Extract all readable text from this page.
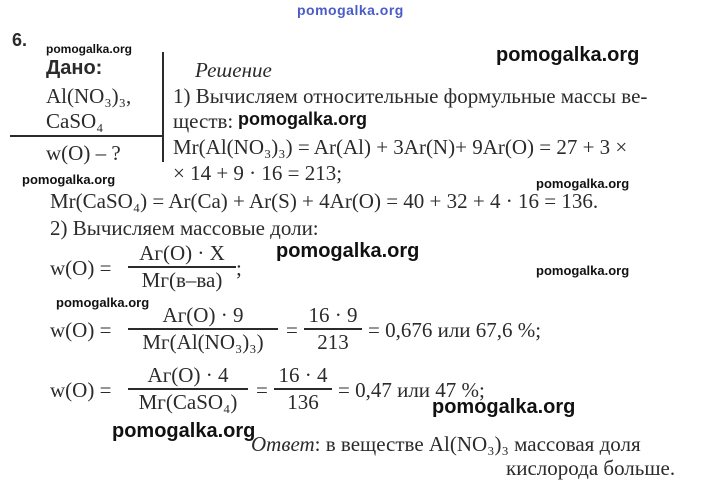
pomogalka.org
6. pomogalka.org
Дано:
Al(NO₃)₃,
CaSO₄
w(O) – ?
Решение
pomogalka.org
1) Вычисляем относительные формульные массы ве-
ществ: pomogalka.org
Mr(Al(NO₃)₃) = Ar(Al) + 3Ar(N)+ 9Ar(O) = 27 + 3 ×
× 14 + 9 · 16 = 213;
pomogalka.org	pomogalka.org
Mr(CaSO₄) = Ar(Ca) + Ar(S) + 4Ar(O) = 40 + 32 + 4 · 16 = 136.
2) Вычисляем массовые доли:
pomogalka.org
w(O) =
Aг(O) · X
Mг(в–ва) ;	pomogalka.org
pomogalka.org
w(O) =
Aг(O) · 9
Mг(Al(NO₃)₃)	=
16 · 9
213 = 0,676 или 67,6 %;
w(O) =
Aг(O) · 4
Mг(CaSO₄) =
16 · 4
136 = 0,47 или 47 %;
pomogalka.org
pomogalka.org
Ответ: в веществе Al(NO₃)₃ массовая доля
кислорода больше.
